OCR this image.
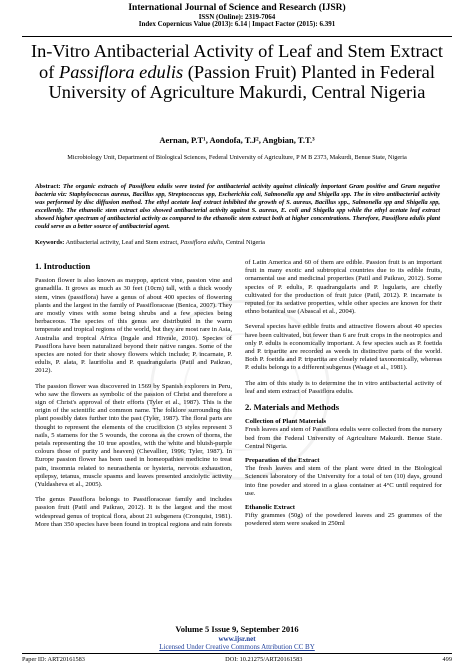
International Journal of Science and Research (IJSR)
ISSN (Online): 2319-7064
Index Copernicus Value (2013): 6.14 | Impact Factor (2015): 6.391
In-Vitro Antibacterial Activity of Leaf and Stem Extract of Passiflora edulis (Passion Fruit) Planted in Federal University of Agriculture Makurdi, Central Nigeria
Aernan, P.T¹, Aondofa, T.J², Angbian, T.T.³
Microbiology Unit, Department of Biological Sciences, Federal University of Agriculture, P M B 2373, Makurdi, Benue State, Nigeria
Abstract: The organic extracts of Passiflora edulis were tested for antibacterial activity against clinically important Gram positive and Gram negative bacteria viz: Staphylococcus aureus, Bacillus spp, Streptococcus spp, Escherichia coli, Salmonella spp and Shigella spp. The in vitro antibacterial activity was performed by disc diffusion method. The ethyl acetate leaf extract inhibited the growth of S. aureus, Bacillus spp., Salmonella spp and Shigella spp, excellently. The ethanolic stem extract also showed antibacterial activity against S. aureus, E. coli and Shigella spp while the ethyl acetate leaf extract showed higher spectrum of antibacterial activity as compared to the ethanolic stem extract both at higher concentrations. Therefore, Passiflora edulis plant could serve as a better source of antibacterial agent.
Keywords: Antibacterial activity, Leaf and Stem extract, Passiflora edulis, Central Nigeria
1. Introduction

Passion flower is also known as maypop, apricot vine, passion vine and granadilla. It grows as much as 30 feet (10cm) tall, with a thick woody stem, vines (passiflora) have a genus of about 400 species of flowering plants and the largest in the family of Passifloraceae (Benica, 2007). They are mostly vines with some being shrubs and a few species being herbaceous. The species of this genus are distributed in the warm temperate and tropical regions of the world, but they are most rare in Asia, Australia and tropical Africa (Ingale and Hivrale, 2010). Species of Passiflora have been naturalized beyond their native ranges. Some of the species are noted for their showy flowers which include; P. incarnate, P. edulis, P. alata, P. laurifolia and P. quadrangularis (Patil and Paikrao, 2012).

The passion flower was discovered in 1569 by Spanish explorers in Peru, who saw the flowers as symbolic of the passion of Christ and therefore a sign of Christ's approval of their efforts (Tyler et al., 1987). This is the origin of the scientific and common name. The folklore surrounding this plant possibly dates further into the past (Tyler, 1987). The floral parts are thought to represent the elements of the crucifixion (3 styles represent 3 nails, 5 stamens for the 5 wounds, the corona as the crown of thorns, the petals representing the 10 true apostles, with the white and bluish-purple colours those of purity and heaven) (Chevallier, 1996; Tyler, 1987). In Europe passion flower has been used in homeopathies medicine to treat pain, insomnia related to neurasthenia or hysteria, nervous exhaustion, epilepsy, tetanus, muscle spasms and leaves presented anxiolytic activity (Yuldasheva et al., 2005).

The genus Passiflora belongs to Passifloraceae family and includes passion fruit (Patil and Paikrao, 2012). It is the largest and the most widespread genus of tropical flora, about 21 subgenera (Cronquist, 1981). More than 350 species have been found in tropical regions and rain forests

of Latin America and 60 of them are edible. Passion fruit is an important fruit in many exotic and subtropical countries due to its edible fruits, ornamental use and medicinal properties (Patil and Paikrao, 2012). Some species of P. edulis, P. quadrangularis and P. lugularis, are chiefly cultivated for the production of fruit juice (Patil, 2012). P. incarnate is reputed for its sedative properties, while other species are known for their ethno botanical use (Abascal et al., 2004).

Several species have edible fruits and attractive flowers about 40 species have been cultivated, but fewer than 6 are fruit crops in the neotropics and only P. edulis is economically important. A few species such as P. foetida and P. tripartite are recorded as weeds in distinctive parts of the world. Both P. foetida and P. tripartita are closely related taxonomically, whereas P. edulis belongs to a different subgenus (Waage et al., 1981).

The aim of this study is to determine the in vitro antibacterial activity of leaf and stem extract of Passiflora edulis.

2. Materials and Methods
Collection of Plant Materials

Fresh leaves and stem of Passiflora edulis were collected from the nursery bed from the Federal University of Agriculture Makurdi. Benue State. Central Nigeria.

Preparation of the Extract

The fresh leaves and stem of the plant were dried in the Biological Sciences laboratory of the University for a total of ten (10) days, ground into fine powder and stored in a glass container at 4°C until required for use.

Ethanolic Extract

Fifty grammes (50g) of the powdered leaves and 25 grammes of the powdered stem were soaked in 250ml

Volume 5 Issue 9, September 2016
www.ijsr.net
Licensed Under Creative Commons Attribution CC BY
Paper ID: ART20161583	DOI: 10.21275/ART20161583	499
